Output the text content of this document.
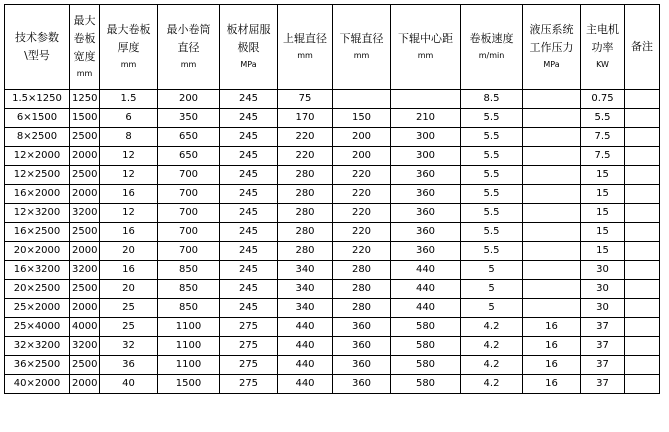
技术参数
\型号	最大
卷板
宽度
mm	最大卷板
厚度
mm	最小卷筒
直径
mm	板材屈服
极限
MPa	上辊直径
mm	下辊直径
mm	下辊中心距
mm	卷板速度
m/min	液压系统
工作压力
MPa	主电机
功率
KW	备注

1.5×1250	1250	1.5	200	245	75			8.5		0.75	
6×1500	1500	6	350	245	170	150	210	5.5		5.5	
8×2500	2500	8	650	245	220	200	300	5.5		7.5	
12×2000	2000	12	650	245	220	200	300	5.5		7.5	
12×2500	2500	12	700	245	280	220	360	5.5		15	
16×2000	2000	16	700	245	280	220	360	5.5		15	
12×3200	3200	12	700	245	280	220	360	5.5		15	
16×2500	2500	16	700	245	280	220	360	5.5		15	
20×2000	2000	20	700	245	280	220	360	5.5		15	
16×3200	3200	16	850	245	340	280	440	5		30	
20×2500	2500	20	850	245	340	280	440	5		30	
25×2000	2000	25	850	245	340	280	440	5		30	
25×4000	4000	25	1100	275	440	360	580	4.2	16	37	
32×3200	3200	32	1100	275	440	360	580	4.2	16	37	
36×2500	2500	36	1100	275	440	360	580	4.2	16	37	
40×2000	2000	40	1500	275	440	360	580	4.2	16	37	
